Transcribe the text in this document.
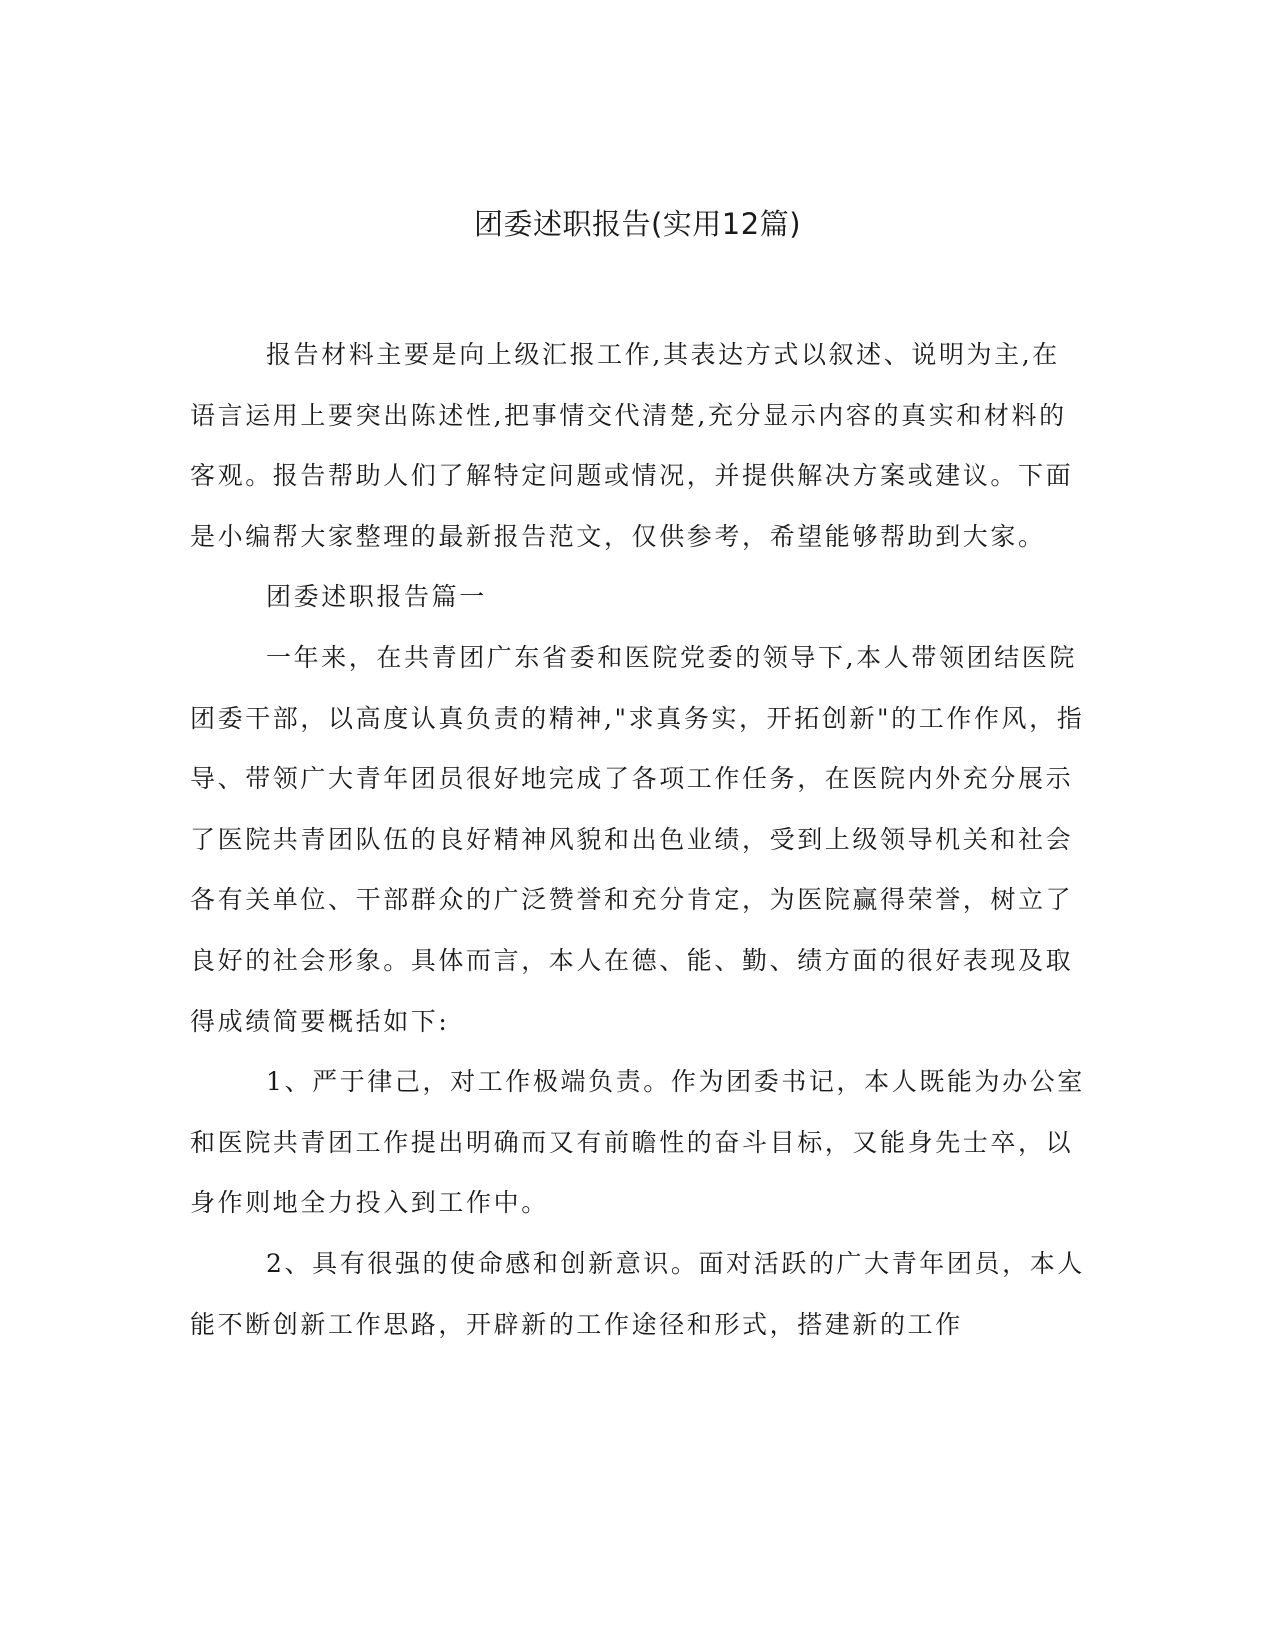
团委述职报告(实用12篇)

报告材料主要是向上级汇报工作,其表达方式以叙述、说明为主,在语言运用上要突出陈述性,把事情交代清楚,充分显示内容的真实和材料的客观。报告帮助人们了解特定问题或情况，并提供解决方案或建议。下面是小编帮大家整理的最新报告范文，仅供参考，希望能够帮助到大家。

团委述职报告篇一

一年来，在共青团广东省委和医院党委的领导下,本人带领团结医院团委干部，以高度认真负责的精神,"求真务实，开拓创新"的工作作风，指导、带领广大青年团员很好地完成了各项工作任务，在医院内外充分展示了医院共青团队伍的良好精神风貌和出色业绩，受到上级领导机关和社会各有关单位、干部群众的广泛赞誉和充分肯定，为医院赢得荣誉，树立了良好的社会形象。具体而言，本人在德、能、勤、绩方面的很好表现及取得成绩简要概括如下:

1、严于律己，对工作极端负责。作为团委书记，本人既能为办公室和医院共青团工作提出明确而又有前瞻性的奋斗目标，又能身先士卒，以身作则地全力投入到工作中。

2、具有很强的使命感和创新意识。面对活跃的广大青年团员，本人能不断创新工作思路，开辟新的工作途径和形式，搭建新的工作
